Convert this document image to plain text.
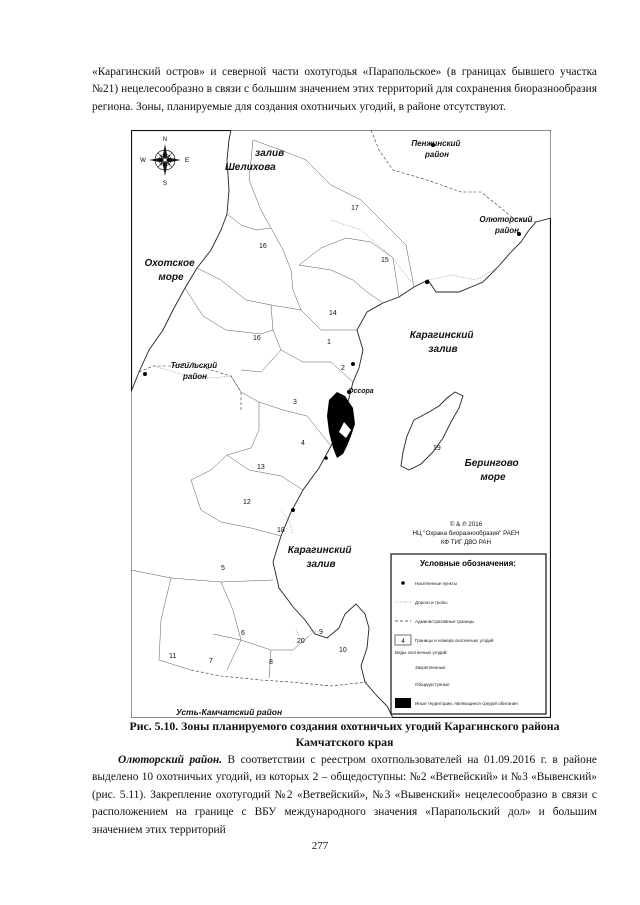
«Карагинский остров» и северной части охотугодья «Парапольское» (в границах бывшего участка №21) нецелесообразно в связи с большим значением этих территорий для сохранения биоразнообразия региона. Зоны, планируемые для создания охотничьих угодий, в районе отсутствуют.

N
S
W	E
залив Шелихова
Пенжинский район
Олюторский район
Охотское море
Карагинский залив
Тигильский район
Оссора
Берингово море
Карагинский залив
Усть-Камчатский район
17
16
15
14
16
1
2
3
4
13
12
18
5
19
6
7	8
9
10
11
20
© & ℗ 2016
НЦ "Охрана биоразнообразия" РАЕН
КФ ТИГ ДВО РАН
Условные обозначения:
Населенные пункты
Дороги и тропы
Административные границы
4 Границы и номера охотничьих угодий
Виды охотничьих угодий:
Закрепленные
Общедоступные
Иные территории, являющиеся средой обитания
Рис. 5.10. Зоны планируемого создания охотничьих угодий Карагинского района
Камчатского края

Олюторский район. В соответствии с реестром охотпользователей на 01.09.2016 г. в районе выделено 10 охотничьих угодий, из которых 2 – общедоступны: №2 «Ветвейский» и №3 «Вывенский» (рис. 5.11). Закрепление охотугодий №2 «Ветвейский», №3 «Вывенский» нецелесообразно в связи с расположением на границе с ВБУ международного значения «Парапольский дол» и большим значением этих территорий

277
